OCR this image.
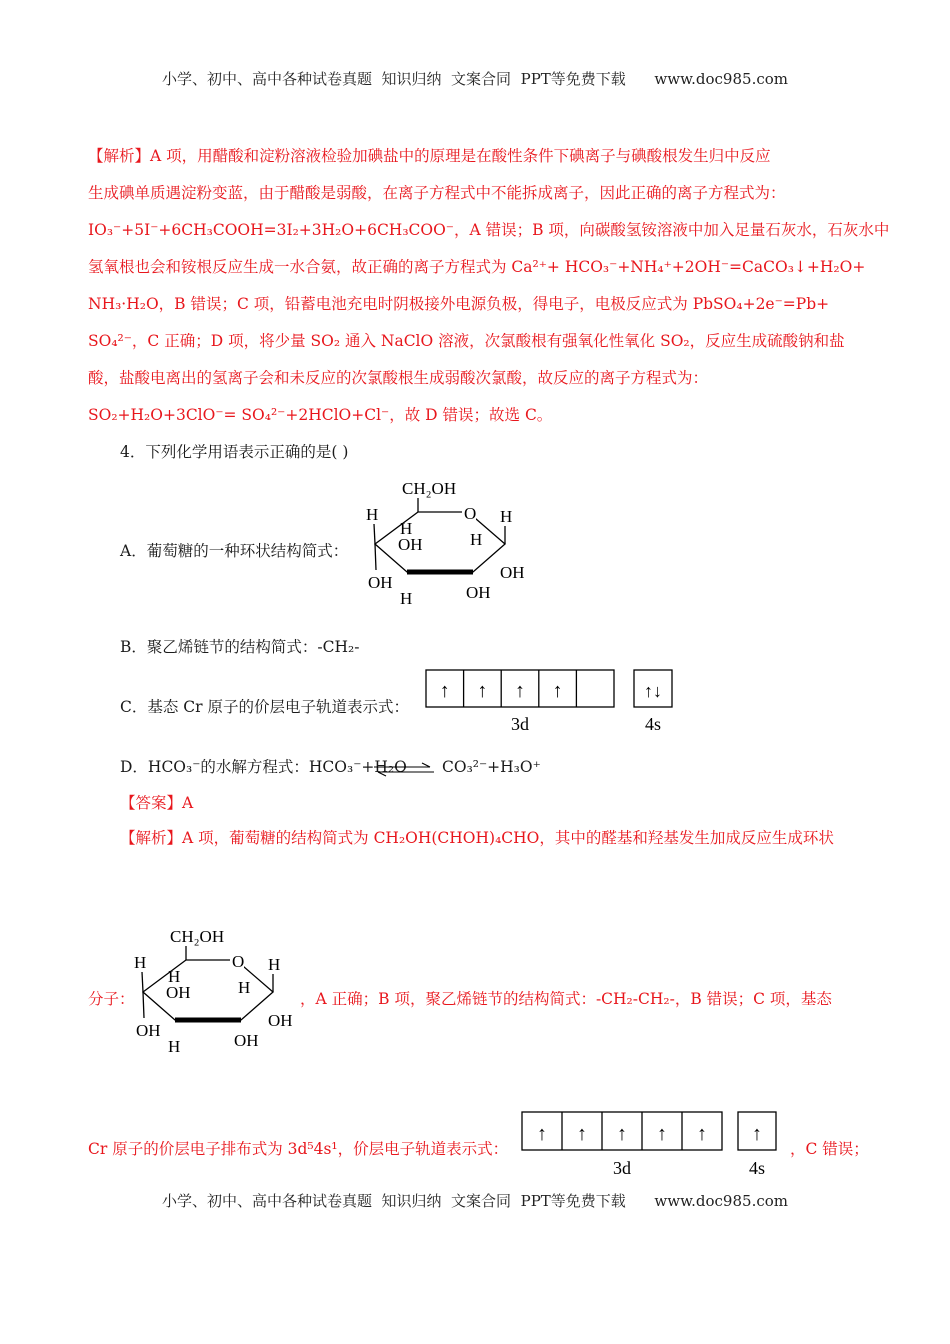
小学、初中、高中各种试卷真题  知识归纳  文案合同  PPT等免费下载      www.doc985.com
【解析】A 项，用醋酸和淀粉溶液检验加碘盐中的原理是在酸性条件下碘离子与碘酸根发生归中反应
生成碘单质遇淀粉变蓝，由于醋酸是弱酸，在离子方程式中不能拆成离子，因此正确的离子方程式为：
IO₃⁻+5I⁻+6CH₃COOH=3I₂+3H₂O+6CH₃COO⁻，A 错误；B 项，向碳酸氢铵溶液中加入足量石灰水，石灰水中
氢氧根也会和铵根反应生成一水合氨，故正确的离子方程式为 Ca²⁺+ HCO₃⁻+NH₄⁺+2OH⁻=CaCO₃↓+H₂O+
NH₃·H₂O，B 错误；C 项，铅蓄电池充电时阴极接外电源负极，得电子，电极反应式为 PbSO₄+2e⁻=Pb+
SO₄²⁻，C 正确；D 项，将少量 SO₂ 通入 NaClO 溶液，次氯酸根有强氧化性氧化 SO₂，反应生成硫酸钠和盐
酸，盐酸电离出的氢离子会和未反应的次氯酸根生成弱酸次氯酸，故反应的离子方程式为：
SO₂+H₂O+3ClO⁻= SO₄²⁻+2HClO+Cl⁻，故 D 错误；故选 C。
4．下列化学用语表示正确的是( )
CH₂OH
O
H
H
OH	H
H
OH
OH
H	OH
A．葡萄糖的一种环状结构简式：
B．聚乙烯链节的结构简式：-CH₂-
C．基态 Cr 原子的价层电子轨道表示式：
↑ ↑ ↑ ↑	↑↓
3d	4s
D．HCO₃⁻的水解方程式：HCO₃⁻+H₂O CO₃²⁻+H₃O⁺
【答案】A
【解析】A 项，葡萄糖的结构简式为 CH₂OH(CHOH)₄CHO，其中的醛基和羟基发生加成反应生成环状
CH₂OH
O
H
H
OH	H
H
OH
OH
H	OH
分子：	，A 正确；B 项，聚乙烯链节的结构简式：-CH₂-CH₂-，B 错误；C 项，基态
Cr 原子的价层电子排布式为 3d⁵4s¹，价层电子轨道表示式：
↑ ↑ ↑ ↑ ↑ ↑
3d	4s
，C 错误；
小学、初中、高中各种试卷真题  知识归纳  文案合同  PPT等免费下载      www.doc985.com
